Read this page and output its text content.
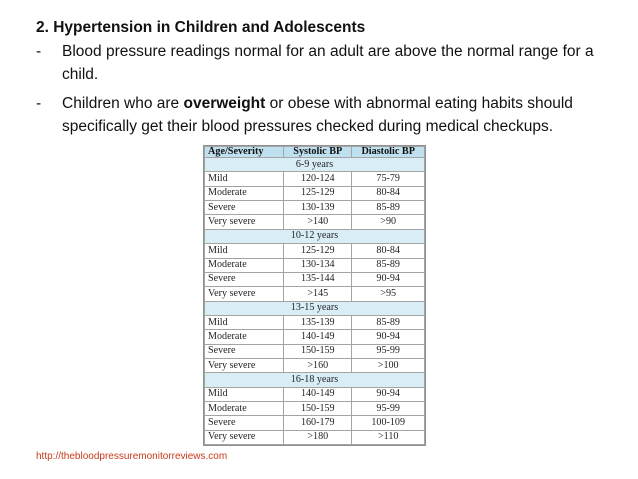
2. Hypertension in Children and Adolescents
- Blood pressure readings normal for an adult are above the normal range for a child.
- Children who are overweight or obese with abnormal eating habits should specifically get their blood pressures checked during medical checkups.
Age/Severity	Systolic BP	Diastolic BP
6-9 years		
Mild	120-124	75-79
Moderate	125-129	80-84
Severe	130-139	85-89
Very severe	>140	>90
10-12 years		
Mild	125-129	80-84
Moderate	130-134	85-89
Severe	135-144	90-94
Very severe	>145	>95
13-15 years		
Mild	135-139	85-89
Moderate	140-149	90-94
Severe	150-159	95-99
Very severe	>160	>100
16-18 years		
Mild	140-149	90-94
Moderate	150-159	95-99
Severe	160-179	100-109
Very severe	>180	>110
http://thebloodpressuremonitorreviews.com
